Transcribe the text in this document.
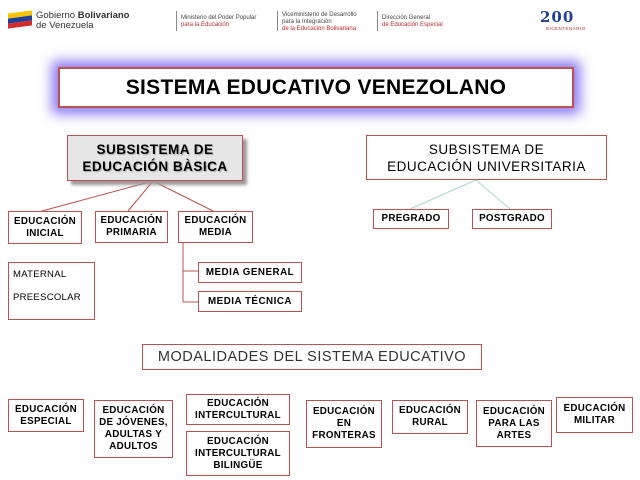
Gobierno Bolivariano
de Venezuela
Ministerio del Poder Popular
para la Educación
Viceministerio de Desarrollo
para la Integración
de la Educación Bolivariana
Dirección General
de Educación Especial	200
BICENTENARIO
SISTEMA EDUCATIVO VENEZOLANO
SUBSISTEMA DE
EDUCACIÓN BÀSICA
SUBSISTEMA DE
EDUCACIÓN UNIVERSITARIA
EDUCACIÓN
INICIAL
EDUCACIÓN
PRIMARIA
EDUCACIÓN
MEDIA
MATERNAL
PREESCOLAR
MEDIA GENERAL
MEDIA TÉCNICA
PREGRADO	POSTGRADO
MODALIDADES DEL SISTEMA EDUCATIVO
EDUCACIÓN
ESPECIAL
EDUCACIÓN
DE JÓVENES,
ADULTAS Y
ADULTOS
EDUCACIÓN
INTERCULTURAL
EDUCACIÓN
INTERCULTURAL
BILINGÜE
EDUCACIÓN
EN
FRONTERAS
EDUCACIÓN
RURAL
EDUCACIÓN
PARA LAS
ARTES
EDUCACIÓN
MILITAR
